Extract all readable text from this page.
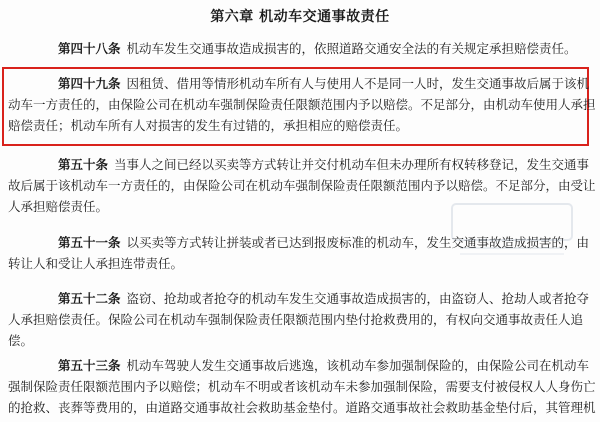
第六章 机动车交通事故责任
第四十八条 机动车发生交通事故造成损害的，依照道路交通安全法的有关规定承担赔偿责任。
第四十九条 因租赁、借用等情形机动车所有人与使用人不是同一人时，发生交通事故后属于该机
动车一方责任的，由保险公司在机动车强制保险责任限额范围内予以赔偿。不足部分，由机动车使用人承担
赔偿责任；机动车所有人对损害的发生有过错的，承担相应的赔偿责任。
第五十条 当事人之间已经以买卖等方式转让并交付机动车但未办理所有权转移登记，发生交通事
故后属于该机动车一方责任的，由保险公司在机动车强制保险责任限额范围内予以赔偿。不足部分，由受让
人承担赔偿责任。
第五十一条 以买卖等方式转让拼装或者已达到报废标准的机动车，发生交通事故造成损害的，由
转让人和受让人承担连带责任。
第五十二条 盗窃、抢劫或者抢夺的机动车发生交通事故造成损害的，由盗窃人、抢劫人或者抢夺
人承担赔偿责任。保险公司在机动车强制保险责任限额范围内垫付抢救费用的，有权向交通事故责任人追
偿。
第五十三条 机动车驾驶人发生交通事故后逃逸，该机动车参加强制保险的，由保险公司在机动车
强制保险责任限额范围内予以赔偿；机动车不明或者该机动车未参加强制保险，需要支付被侵权人人身伤亡
的抢救、丧葬等费用的，由道路交通事故社会救助基金垫付。道路交通事故社会救助基金垫付后，其管理机
